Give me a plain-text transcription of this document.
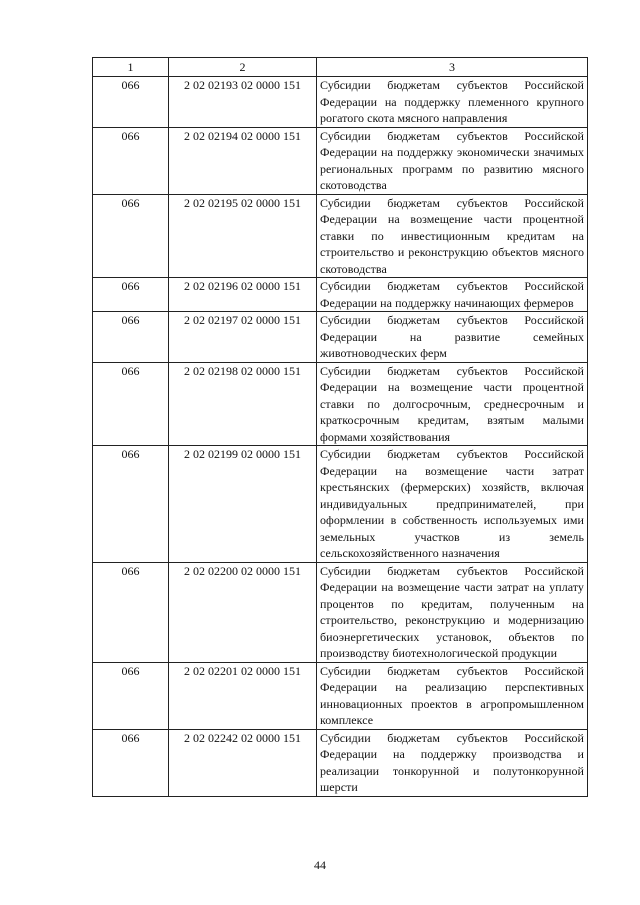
1	2	3
066	2 02 02193 02 0000 151	Субсидии бюджетам субъектов Российской Федерации на поддержку племенного крупного рогатого скота мясного направления
066	2 02 02194 02 0000 151	Субсидии бюджетам субъектов Российской Федерации на поддержку экономически значимых региональных программ по развитию мясного скотоводства
066	2 02 02195 02 0000 151	Субсидии бюджетам субъектов Российской Федерации на возмещение части процентной ставки по инвестиционным кредитам на строительство и реконструкцию объектов мясного скотоводства
066	2 02 02196 02 0000 151	Субсидии бюджетам субъектов Российской Федерации на поддержку начинающих фермеров
066	2 02 02197 02 0000 151	Субсидии бюджетам субъектов Российской Федерации на развитие семейных животноводческих ферм
066	2 02 02198 02 0000 151	Субсидии бюджетам субъектов Российской Федерации на возмещение части процентной ставки по долгосрочным, среднесрочным и краткосрочным кредитам, взятым малыми формами хозяйствования
066	2 02 02199 02 0000 151	Субсидии бюджетам субъектов Российской Федерации на возмещение части затрат крестьянских (фермерских) хозяйств, включая индивидуальных предпринимателей, при оформлении в собственность используемых ими земельных участков из земель сельскохозяйственного назначения
066	2 02 02200 02 0000 151	Субсидии бюджетам субъектов Российской Федерации на возмещение части затрат на уплату процентов по кредитам, полученным на строительство, реконструкцию и модернизацию биоэнергетических установок, объектов по производству биотехнологической продукции
066	2 02 02201 02 0000 151	Субсидии бюджетам субъектов Российской Федерации на реализацию перспективных инновационных проектов в агропромышленном комплексе
066	2 02 02242 02 0000 151	Субсидии бюджетам субъектов Российской Федерации на поддержку производства и реализации тонкорунной и полутонкорунной шерсти
44
